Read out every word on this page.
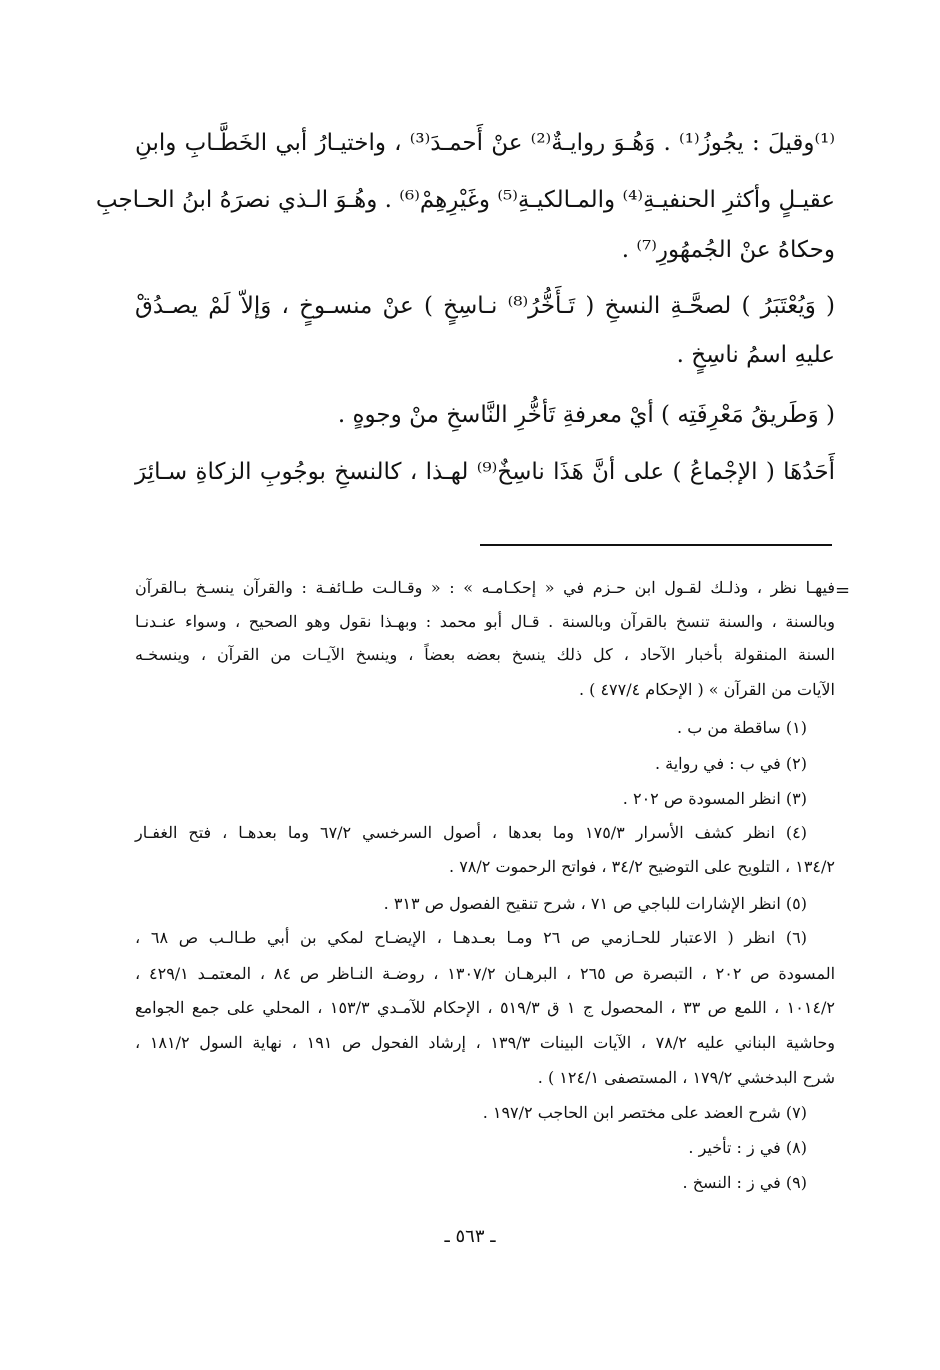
⁽¹⁾وقيلَ : يجُوزُ⁽¹⁾ . وَهُـوَ روايـةٌ⁽²⁾ عنْ أَحمـدَ⁽³⁾ ، واختيـارُ أبي الخَطَّـابِ وابنِ
عقيـلٍ وأكثرِ الحنفيـةِ⁽⁴⁾ والمـالكيـةِ⁽⁵⁾ وغَيْرِهِمْ⁽⁶⁾ . وهُـوَ الـذي نصرَهُ ابنُ الحـاجبِ
وحكاهُ عنْ الجُمهُورِ⁽⁷⁾ .
( وَيُعْتَبَرُ ) لصحَّـةِ النسخِ ( تَـأَخُّرُ⁽⁸⁾ نـاسِخٍ ) عنْ منسـوخٍ ، وَإلاّ لَمْ يصـدُقْ
عليهِ اسمُ ناسِخٍ .
( وَطَريقُ مَعْرِفَتِه ) أيْ معرفةِ تَأخُّرِ النَّاسخِ منْ وجوهٍ .
أَحَدُهَا ( الإجْماعُ ) على أنَّ هَذَا ناسِخٌ⁽⁹⁾ لهـذا ، كالنسخِ بوجُوبِ الزكاةِ سـائِرَ
=
فيهـا نظر ، وذلـك لقـول ابن حـزم في « إحكـامـه » : « وقـالـت طـائفـة : والقرآن ينسـخ بـالقرآن
وبالسنة ، والسنة تنسخ بالقرآن وبالسنة . قـال أبو محمد : وبهـذا نقول وهو الصحيح ، وسواء عنـدنـا
السنة المنقولة بأخبار الآحاد ، كل ذلك ينسخ بعضه بعضاً ، وينسخ الآيـات من القرآن ، وينسخـه
الآيات من القرآن » ( الإحكام ٤٧٧/٤ ) .
(١) ساقطة من ب .
(٢) في ب : في رواية .
(٣) انظر المسودة ص ٢٠٢ .
(٤) انظر كشف الأسرار ١٧٥/٣ وما بعدها ، أصول السرخسي ٦٧/٢ وما بعدهـا ، فتح الغفـار
١٣٤/٢ ، التلويح على التوضيح ٣٤/٢ ، فواتح الرحموت ٧٨/٢ .
(٥) انظر الإشارات للباجي ص ٧١ ، شرح تنقيح الفصول ص ٣١٣ .
(٦) انظر ( الاعتبار للحـازمي ص ٢٦ ومـا بعـدهـا ، الإيضـاح لمكي بن أبي طـالـب ص ٦٨ ،
المسودة ص ٢٠٢ ، التبصرة ص ٢٦٥ ، البرهـان ١٣٠٧/٢ ، روضـة النـاظر ص ٨٤ ، المعتمـد ٤٢٩/١ ،
١٠١٤/٢ ، اللمع ص ٣٣ ، المحصول ج ١ ق ٥١٩/٣ ، الإحكام للآمـدي ١٥٣/٣ ، المحلي على جمع الجوامع
وحاشية البناني عليه ٧٨/٢ ، الآيات البينات ١٣٩/٣ ، إرشاد الفحول ص ١٩١ ، نهاية السول ١٨١/٢ ،
شرح البدخشي ١٧٩/٢ ، المستصفى ١٢٤/١ ) .
(٧) شرح العضد على مختصر ابن الحاجب ١٩٧/٢ .
(٨) في ز : تأخير .
(٩) في ز : النسخ .
ـ ٥٦٣ ـ
